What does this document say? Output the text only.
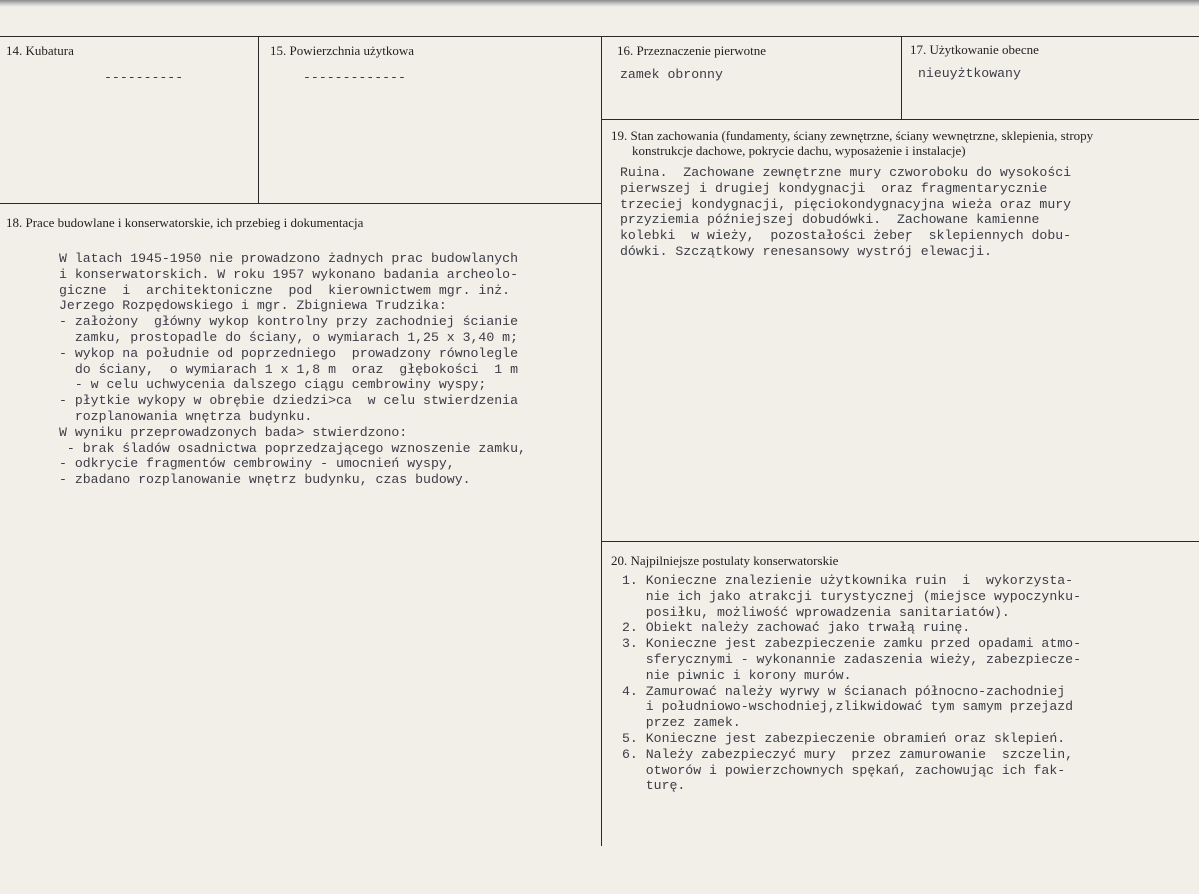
14. Kubatura
----------
15. Powierzchnia użytkowa
-------------
16. Przeznaczenie pierwotne
zamek obronny
17. Użytkowanie obecne
nieuyżtkowany
18. Prace budowlane i konserwatorskie, ich przebieg i dokumentacja
W latach 1945-1950 nie prowadzono żadnych prac budowlanych
i konserwatorskich. W roku 1957 wykonano badania archeolo-
giczne  i  architektoniczne  pod  kierownictwem mgr. inż.
Jerzego Rozpędowskiego i mgr. Zbigniewa Trudzika:
- założony  główny wykop kontrolny przy zachodniej ścianie
zamku, prostopadle do ściany, o wymiarach 1,25 x 3,40 m;
- wykop na południe od poprzedniego  prowadzony równolegle
do ściany,  o wymiarach 1 x 1,8 m  oraz  głębokości  1 m
- w celu uchwycenia dalszego ciągu cembrowiny wyspy;
- płytkie wykopy w obrębie dziedzi>ca  w celu stwierdzenia
rozplanowania wnętrza budynku.
W wyniku przeprowadzonych bada> stwierdzono:
- brak śladów osadnictwa poprzedzającego wznoszenie zamku,
- odkrycie fragmentów cembrowiny - umocnień wyspy,
- zbadano rozplanowanie wnętrz budynku, czas budowy.
19. Stan zachowania (fundamenty, ściany zewnętrzne, ściany wewnętrzne, sklepienia, stropy
konstrukcje dachowe, pokrycie dachu, wyposażenie i instalacje)
Ruina.  Zachowane zewnętrzne mury czworoboku do wysokości
pierwszej i drugiej kondygnacji  oraz fragmentarycznie
trzeciej kondygnacji, pięciokondygnacyjna wieża oraz mury
przyziemia późniejszej dobudówki.  Zachowane kamienne
kolebki  w wieży,  pozostałości żebeŗ  sklepiennych dobu-
dówki. Szczątkowy renesansowy wystrój elewacji.
20. Najpilniejsze postulaty konserwatorskie
1. Konieczne znalezienie użytkownika ruin  i  wykorzysta-
nie ich jako atrakcji turystycznej (miejsce wypoczynku-
posiłku, możliwość wprowadzenia sanitariatów).
2. Obiekt należy zachować jako trwałą ruinę.
3. Konieczne jest zabezpieczenie zamku przed opadami atmo-
sferycznymi - wykonannie zadaszenia wieży, zabezpiecze-
nie piwnic i korony murów.
4. Zamurować należy wyrwy w ścianach północno-zachodniej
i południowo-wschodniej,zlikwidować tym samym przejazd
przez zamek.
5. Konieczne jest zabezpieczenie obramień oraz sklepień.
6. Należy zabezpieczyć mury  przez zamurowanie  szczelin,
otworów i powierzchownych spękań, zachowując ich fak-
turę.
